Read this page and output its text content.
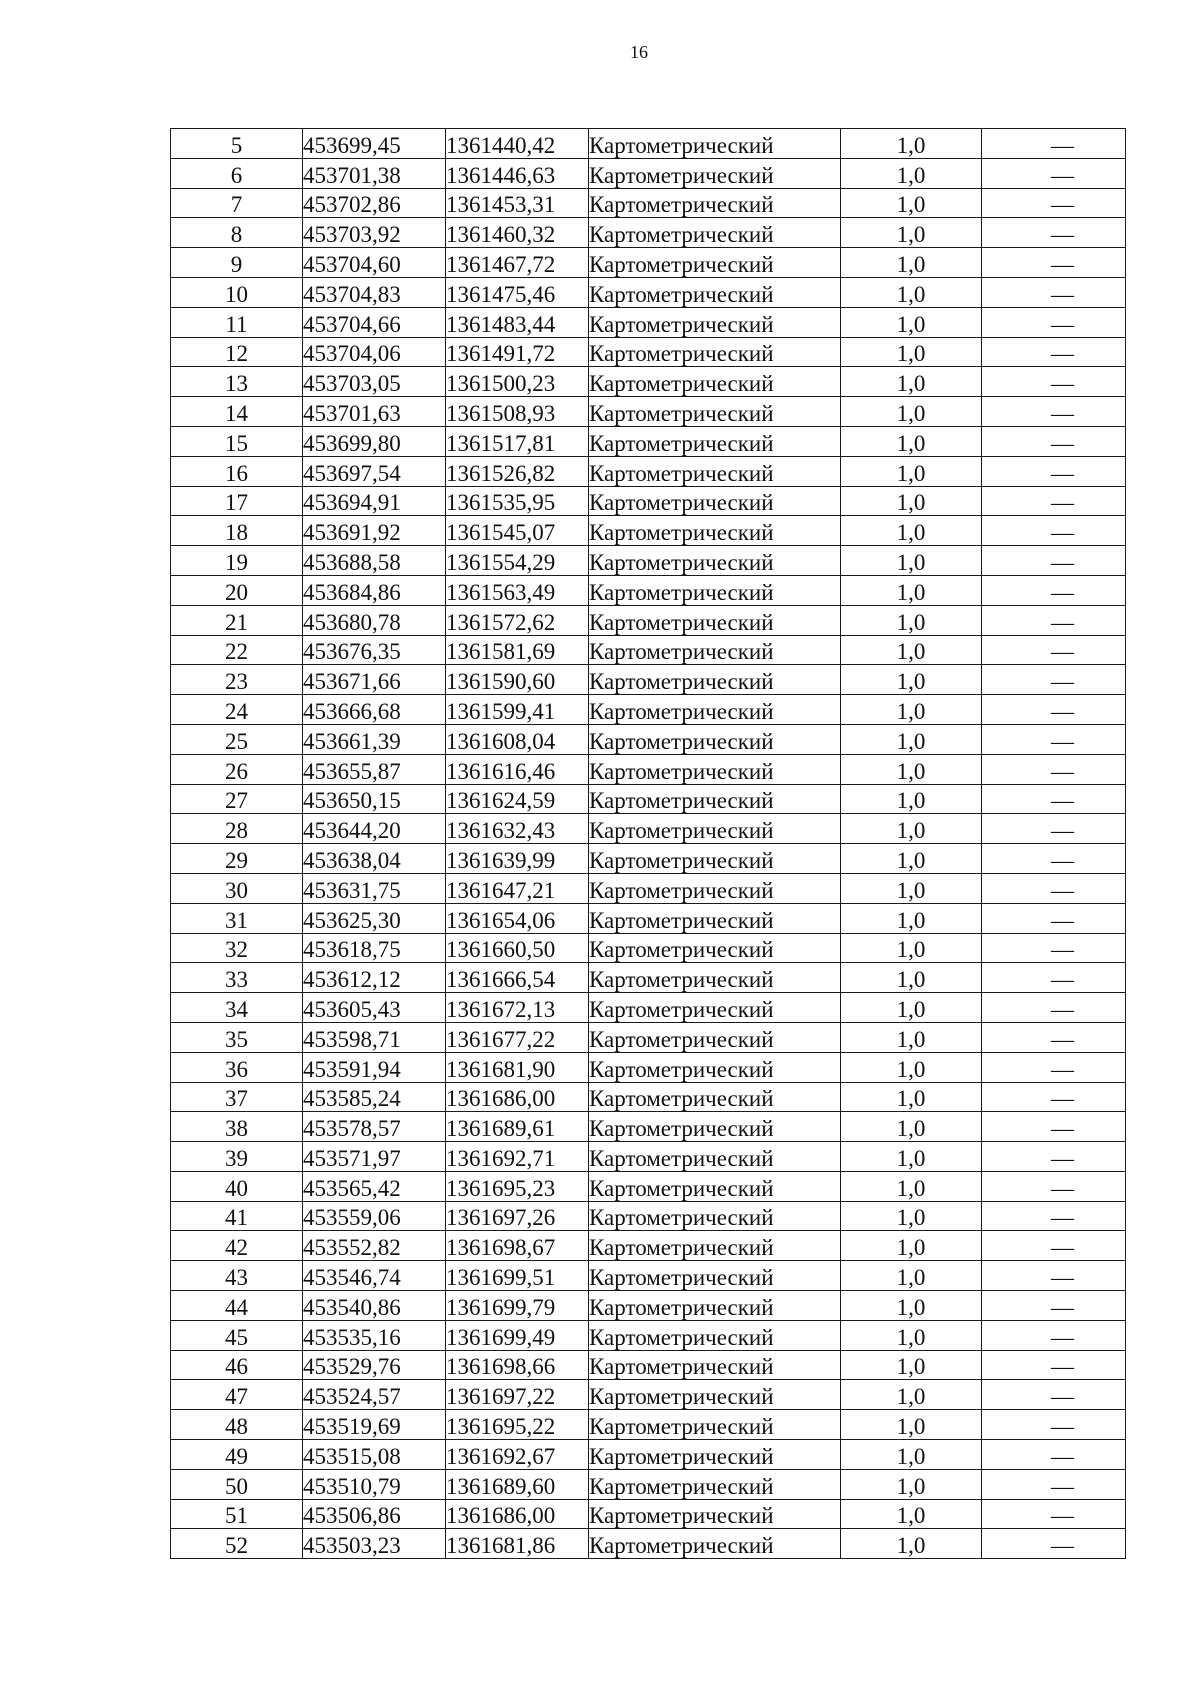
16
5	453699,45	1361440,42	Картометрический	1,0	—
6	453701,38	1361446,63	Картометрический	1,0	—
7	453702,86	1361453,31	Картометрический	1,0	—
8	453703,92	1361460,32	Картометрический	1,0	—
9	453704,60	1361467,72	Картометрический	1,0	—
10	453704,83	1361475,46	Картометрический	1,0	—
11	453704,66	1361483,44	Картометрический	1,0	—
12	453704,06	1361491,72	Картометрический	1,0	—
13	453703,05	1361500,23	Картометрический	1,0	—
14	453701,63	1361508,93	Картометрический	1,0	—
15	453699,80	1361517,81	Картометрический	1,0	—
16	453697,54	1361526,82	Картометрический	1,0	—
17	453694,91	1361535,95	Картометрический	1,0	—
18	453691,92	1361545,07	Картометрический	1,0	—
19	453688,58	1361554,29	Картометрический	1,0	—
20	453684,86	1361563,49	Картометрический	1,0	—
21	453680,78	1361572,62	Картометрический	1,0	—
22	453676,35	1361581,69	Картометрический	1,0	—
23	453671,66	1361590,60	Картометрический	1,0	—
24	453666,68	1361599,41	Картометрический	1,0	—
25	453661,39	1361608,04	Картометрический	1,0	—
26	453655,87	1361616,46	Картометрический	1,0	—
27	453650,15	1361624,59	Картометрический	1,0	—
28	453644,20	1361632,43	Картометрический	1,0	—
29	453638,04	1361639,99	Картометрический	1,0	—
30	453631,75	1361647,21	Картометрический	1,0	—
31	453625,30	1361654,06	Картометрический	1,0	—
32	453618,75	1361660,50	Картометрический	1,0	—
33	453612,12	1361666,54	Картометрический	1,0	—
34	453605,43	1361672,13	Картометрический	1,0	—
35	453598,71	1361677,22	Картометрический	1,0	—
36	453591,94	1361681,90	Картометрический	1,0	—
37	453585,24	1361686,00	Картометрический	1,0	—
38	453578,57	1361689,61	Картометрический	1,0	—
39	453571,97	1361692,71	Картометрический	1,0	—
40	453565,42	1361695,23	Картометрический	1,0	—
41	453559,06	1361697,26	Картометрический	1,0	—
42	453552,82	1361698,67	Картометрический	1,0	—
43	453546,74	1361699,51	Картометрический	1,0	—
44	453540,86	1361699,79	Картометрический	1,0	—
45	453535,16	1361699,49	Картометрический	1,0	—
46	453529,76	1361698,66	Картометрический	1,0	—
47	453524,57	1361697,22	Картометрический	1,0	—
48	453519,69	1361695,22	Картометрический	1,0	—
49	453515,08	1361692,67	Картометрический	1,0	—
50	453510,79	1361689,60	Картометрический	1,0	—
51	453506,86	1361686,00	Картометрический	1,0	—
52	453503,23	1361681,86	Картометрический	1,0	—
